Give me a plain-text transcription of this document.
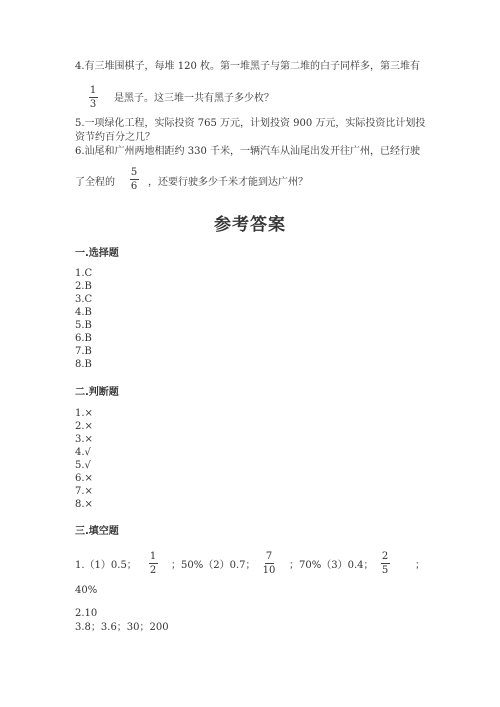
4.有三堆围棋子，每堆 120 枚。第一堆黑子与第二堆的白子同样多，第三堆有
1
3
是黑子。这三堆一共有黑子多少枚？
5.一项绿化工程，实际投资 765 万元，计划投资 900 万元，实际投资比计划投
资节约百分之几？
6.汕尾和广州两地相距约 330 千米，一辆汽车从汕尾出发开往广州，已经行驶
了全程的
5
6 ，还要行驶多少千米才能到达广州？
参考答案
一.选择题
1.C
2.B
3.C
4.B
5.B
6.B
7.B
8.B
二.判断题
1.×
2.×
3.×
4.√
5.√
6.×
7.×
8.×
三.填空题
1.（1）0.5；
1
2 ；50%（2）0.7；
7
10 ；70%（3）0.4；
2
5	；
40%
2.10
3.8；3.6；30；200
